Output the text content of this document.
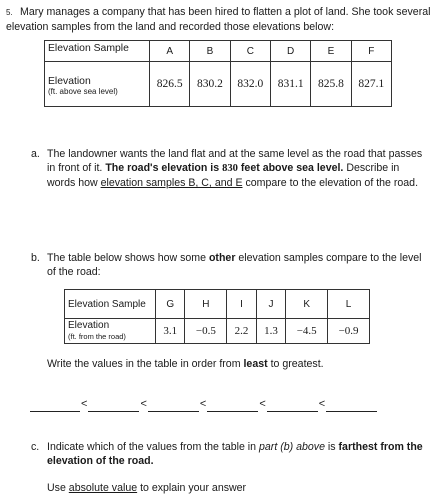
5. Mary manages a company that has been hired to flatten a plot of land. She took several elevation samples from the land and recorded those elevations below:
Elevation Sample	A	B	C	D	E	F

Elevation
(ft. above sea level)	826.5	830.2	832.0	831.1	825.8	827.1
a. The landowner wants the land flat and at the same level as the road that passes in front of it. The road's elevation is 830 feet above sea level. Describe in words how elevation samples B, C, and E compare to the elevation of the road.
b. The table below shows how some other elevation samples compare to the level of the road:
Elevation Sample	G	H	I	J	K	L

Elevation
(ft. from the road)	3.1	−0.5	2.2	1.3	−4.5	−0.9
Write the values in the table in order from least to greatest.
<	<	<	<	<
c. Indicate which of the values from the table in part (b) above is farthest from the elevation of the road.
Use absolute value to explain your answer
